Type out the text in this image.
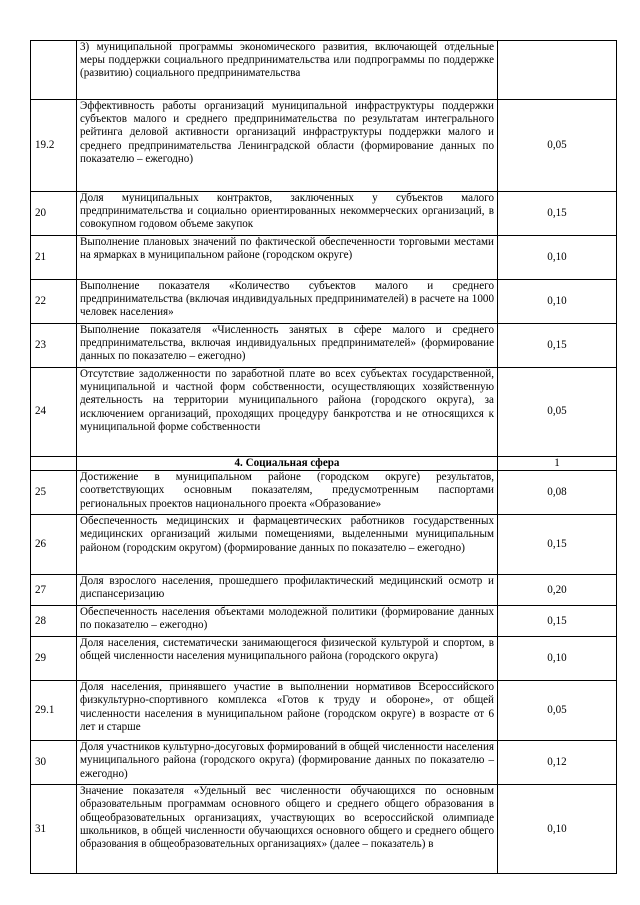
	3) муниципальной программы экономического развития, включающей отдельные меры поддержки социального предпринимательства или подпрограммы по поддержке (развитию) социального предпринимательства	
19.2	Эффективность работы организаций муниципальной инфраструктуры поддержки субъектов малого и среднего предпринимательства по результатам интегрального рейтинга деловой активности организаций инфраструктуры поддержки малого и среднего предпринимательства Ленинградской области (формирование данных по показателю – ежегодно)	0,05
20	Доля муниципальных контрактов, заключенных у субъектов малого предпринимательства и социально ориентированных некоммерческих организаций, в совокупном годовом объеме закупок	0,15
21	Выполнение плановых значений по фактической обеспеченности торговыми местами на ярмарках в муниципальном районе (городском округе)	0,10
22	Выполнение показателя «Количество субъектов малого и среднего предпринимательства (включая индивидуальных предпринимателей) в расчете на 1000 человек населения»	0,10
23	Выполнение показателя «Численность занятых в сфере малого и среднего предпринимательства, включая индивидуальных предпринимателей» (формирование данных по показателю – ежегодно)	0,15
24	Отсутствие задолженности по заработной плате во всех субъектах государственной, муниципальной и частной форм собственности, осуществляющих хозяйственную деятельность на территории муниципального района (городского округа), за исключением организаций, проходящих процедуру банкротства и не относящихся к муниципальной форме собственности	0,05
	4. Социальная сфера	1
25	Достижение в муниципальном районе (городском округе) результатов, соответствующих основным показателям, предусмотренным паспортами региональных проектов национального проекта «Образование»	0,08
26	Обеспеченность медицинских и фармацевтических работников государственных медицинских организаций жилыми помещениями, выделенными муниципальным районом (городским округом) (формирование данных по показателю – ежегодно)	0,15
27	Доля взрослого населения, прошедшего профилактический медицинский осмотр и диспансеризацию	0,20
28	Обеспеченность населения объектами молодежной политики (формирование данных по показателю – ежегодно)	0,15
29	Доля населения, систематически занимающегося физической культурой и спортом, в общей численности населения муниципального района (городского округа)	0,10
29.1	Доля населения, принявшего участие в выполнении нормативов Всероссийского физкультурно-спортивного комплекса «Готов к труду и обороне», от общей численности населения в муниципальном районе (городском округе) в возрасте от 6 лет и старше	0,05
30	Доля участников культурно-досуговых формирований в общей численности населения муниципального района (городского округа) (формирование данных по показателю – ежегодно)	0,12
31	Значение показателя «Удельный вес численности обучающихся по основным образовательным программам основного общего и среднего общего образования в общеобразовательных организациях, участвующих во всероссийской олимпиаде школьников, в общей численности обучающихся основного общего и среднего общего образования в общеобразовательных организациях» (далее – показатель) в	0,10
